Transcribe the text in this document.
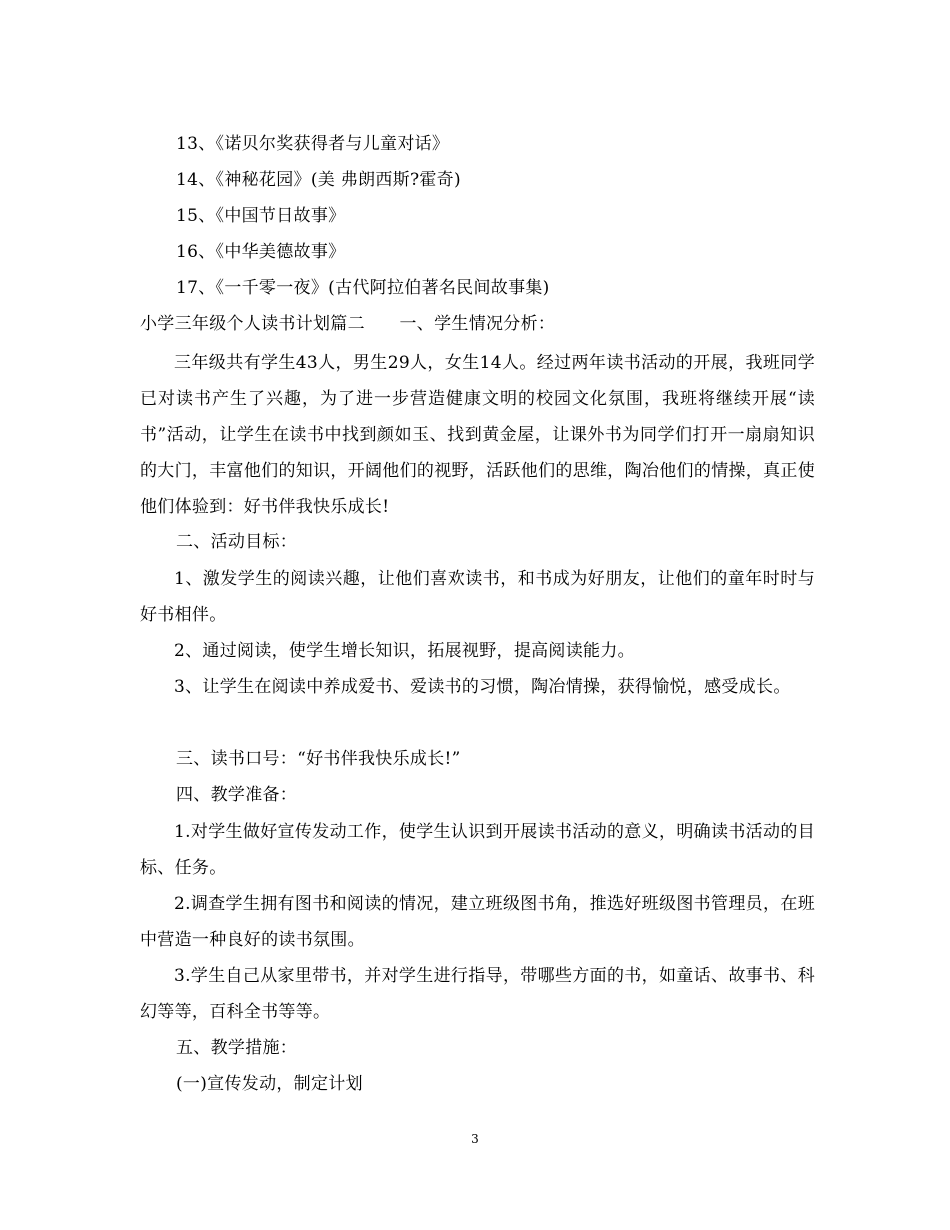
13、《诺贝尔奖获得者与儿童对话》
14、《神秘花园》(美 弗朗西斯?霍奇)
15、《中国节日故事》
16、《中华美德故事》
17、《一千零一夜》(古代阿拉伯著名民间故事集)
小学三年级个人读书计划篇二　　一、学生情况分析：
三年级共有学生43人，男生29人，女生14人。经过两年读书活动的开展，我班同学已对读书产生了兴趣，为了进一步营造健康文明的校园文化氛围，我班将继续开展“读书”活动，让学生在读书中找到颜如玉、找到黄金屋，让课外书为同学们打开一扇扇知识的大门，丰富他们的知识，开阔他们的视野，活跃他们的思维，陶冶他们的情操，真正使他们体验到：好书伴我快乐成长!
二、活动目标：
1、激发学生的阅读兴趣，让他们喜欢读书，和书成为好朋友，让他们的童年时时与好书相伴。
2、通过阅读，使学生增长知识，拓展视野，提高阅读能力。
3、让学生在阅读中养成爱书、爱读书的习惯，陶冶情操，获得愉悦，感受成长。
三、读书口号：“好书伴我快乐成长!”
四、教学准备：
1.对学生做好宣传发动工作，使学生认识到开展读书活动的意义，明确读书活动的目标、任务。
2.调查学生拥有图书和阅读的情况，建立班级图书角，推选好班级图书管理员，在班中营造一种良好的读书氛围。
3.学生自己从家里带书，并对学生进行指导，带哪些方面的书，如童话、故事书、科幻等等，百科全书等等。
五、教学措施：
(一)宣传发动，制定计划
3
